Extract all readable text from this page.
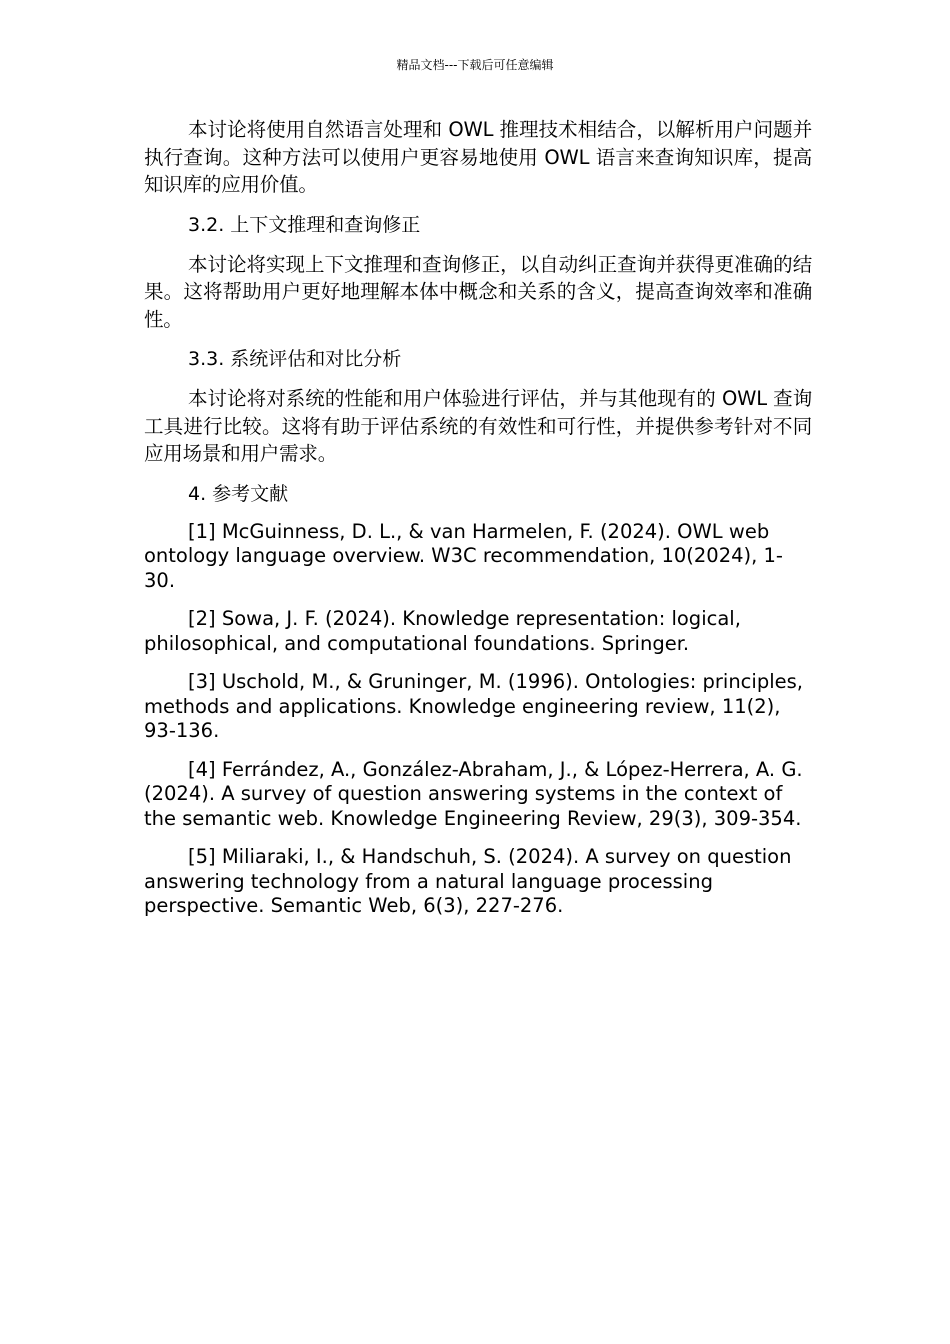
精品文档---下载后可任意编辑

本讨论将使用自然语言处理和 OWL 推理技术相结合，以解析用户问题并执行查询。这种方法可以使用户更容易地使用 OWL 语言来查询知识库，提高知识库的应用价值。

3.2. 上下文推理和查询修正

本讨论将实现上下文推理和查询修正，以自动纠正查询并获得更准确的结果。这将帮助用户更好地理解本体中概念和关系的含义，提高查询效率和准确性。

3.3. 系统评估和对比分析

本讨论将对系统的性能和用户体验进行评估，并与其他现有的 OWL 查询工具进行比较。这将有助于评估系统的有效性和可行性，并提供参考针对不同应用场景和用户需求。

4. 参考文献

[1] McGuinness, D. L., & van Harmelen, F. (2024). OWL web ontology language overview. W3C recommendation, 10(2024), 1-30.

[2] Sowa, J. F. (2024). Knowledge representation: logical, philosophical, and computational foundations. Springer.

[3] Uschold, M., & Gruninger, M. (1996). Ontologies: principles, methods and applications. Knowledge engineering review, 11(2), 93-136.

[4] Ferrández, A., González-Abraham, J., & López-Herrera, A. G. (2024). A survey of question answering systems in the context of the semantic web. Knowledge Engineering Review, 29(3), 309-354.

[5] Miliaraki, I., & Handschuh, S. (2024). A survey on question answering technology from a natural language processing perspective. Semantic Web, 6(3), 227-276.
